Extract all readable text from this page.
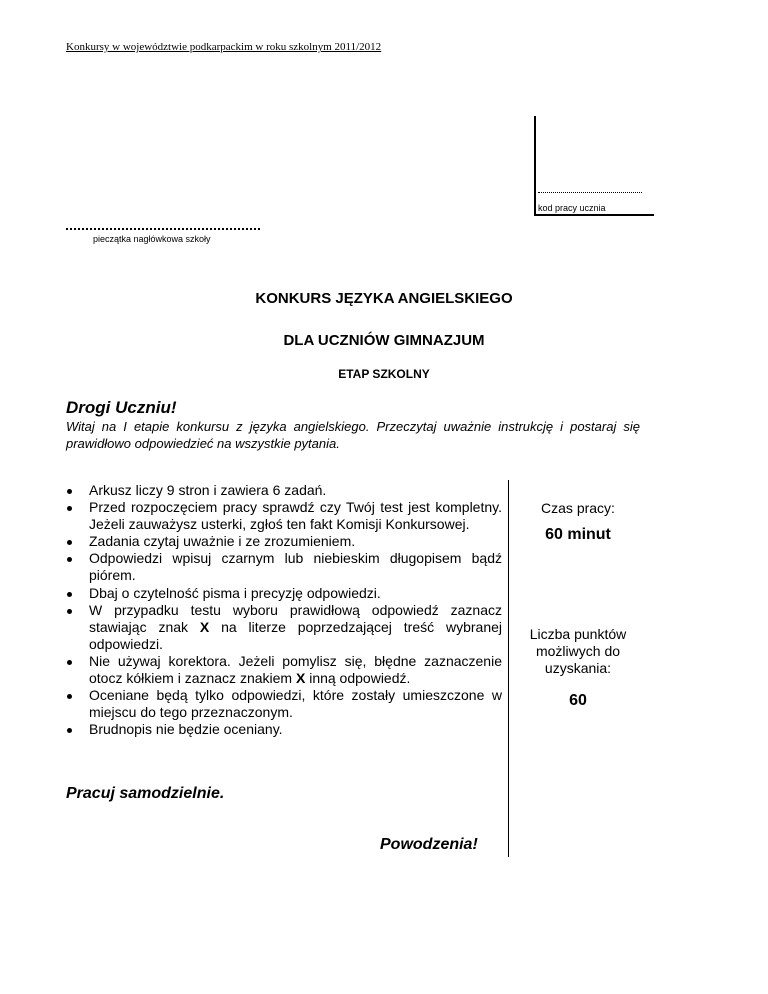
Konkursy w województwie podkarpackim w roku szkolnym 2011/2012
kod pracy ucznia
pieczątka nagłówkowa szkoły
KONKURS JĘZYKA ANGIELSKIEGO
DLA UCZNIÓW GIMNAZJUM
ETAP SZKOLNY
Drogi Uczniu!
Witaj na I etapie konkursu z języka angielskiego. Przeczytaj uważnie instrukcję i postaraj się prawidłowo odpowiedzieć na wszystkie pytania.
Arkusz liczy 9 stron i zawiera 6 zadań.
Przed rozpoczęciem pracy sprawdź czy Twój test jest kompletny. Jeżeli zauważysz usterki, zgłoś ten fakt Komisji Konkursowej.
Zadania czytaj uważnie i ze zrozumieniem.
Odpowiedzi wpisuj czarnym lub niebieskim długopisem bądź piórem.
Dbaj o czytelność pisma i precyzję odpowiedzi.
W przypadku testu wyboru prawidłową odpowiedź zaznacz stawiając znak X na literze poprzedzającej treść wybranej odpowiedzi.
Nie używaj korektora. Jeżeli pomylisz się, błędne zaznaczenie otocz kółkiem i zaznacz znakiem X inną odpowiedź.
Oceniane będą tylko odpowiedzi, które zostały umieszczone w miejscu do tego przeznaczonym.
Brudnopis nie będzie oceniany.
Czas pracy:
60 minut
Liczba punktów możliwych do uzyskania:
60
Pracuj samodzielnie.
Powodzenia!
